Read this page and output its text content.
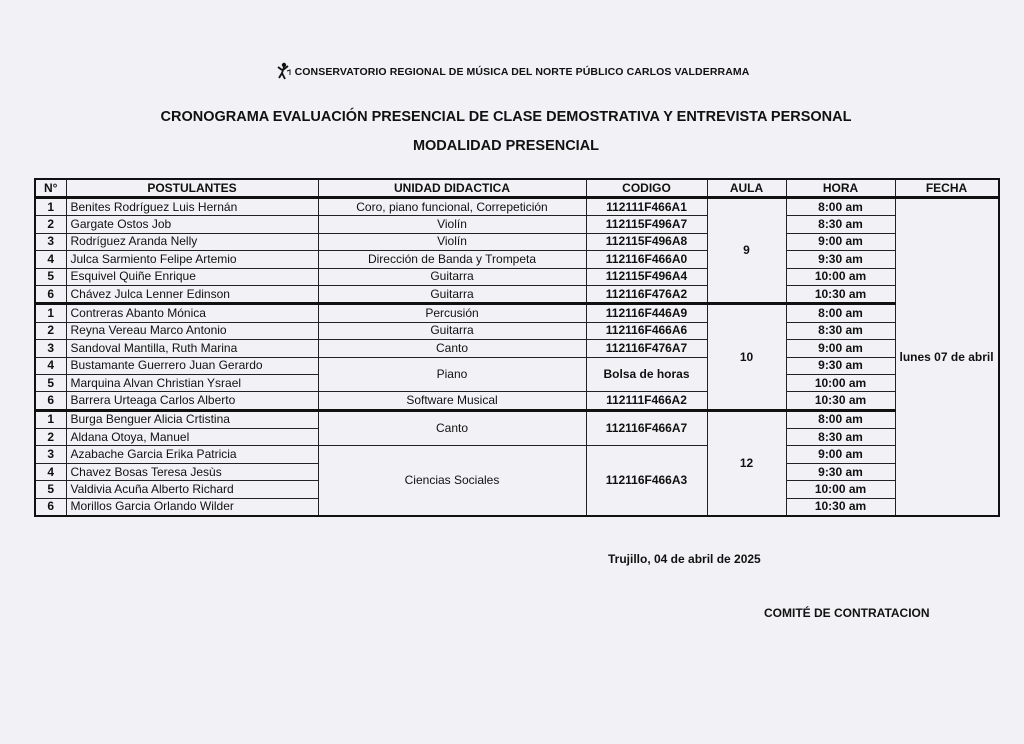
CONSERVATORIO REGIONAL DE MÚSICA DEL NORTE PÚBLICO CARLOS VALDERRAMA
CRONOGRAMA EVALUACIÓN PRESENCIAL DE CLASE DEMOSTRATIVA Y ENTREVISTA PERSONAL
MODALIDAD PRESENCIAL
N°	POSTULANTES	UNIDAD DIDACTICA	CODIGO	AULA	HORA	FECHA
1	Benites Rodríguez Luis Hernán	Coro, piano funcional, Correpetición	112111F466A1	9	8:00 am	lunes 07 de abril
2	Gargate Ostos Job	Violín	112115F496A7		8:30 am	
3	Rodríguez Aranda Nelly	Violín	112115F496A8		9:00 am	
4	Julca Sarmiento Felipe Artemio	Dirección de Banda y Trompeta	112116F466A0		9:30 am	
5	Esquivel Quiñe Enrique	Guitarra	112115F496A4		10:00 am	
6	Chávez Julca Lenner Edinson	Guitarra	112116F476A2		10:30 am	
1	Contreras Abanto Mónica	Percusión	112116F446A9	10	8:00 am	
2	Reyna Vereau Marco Antonio	Guitarra	112116F466A6		8:30 am	
3	Sandoval Mantilla, Ruth Marina	Canto	112116F476A7		9:00 am	
4	Bustamante Guerrero Juan Gerardo	Piano	Bolsa de horas		9:30 am	
5	Marquina Alvan Christian Ysrael				10:00 am	
6	Barrera Urteaga Carlos Alberto	Software Musical	112111F466A2		10:30 am	
1	Burga Benguer Alicia Crtistina	Canto	112116F466A7	12	8:00 am	
2	Aldana Otoya, Manuel				8:30 am	
3	Azabache Garcia Erika Patricia	Ciencias Sociales	112116F466A3		9:00 am	
4	Chavez Bosas Teresa Jesùs				9:30 am	
5	Valdivia Acuña Alberto Richard				10:00 am	
6	Morillos Garcia Orlando Wilder				10:30 am	
Trujillo, 04 de abril de 2025
COMITÉ DE CONTRATACION
